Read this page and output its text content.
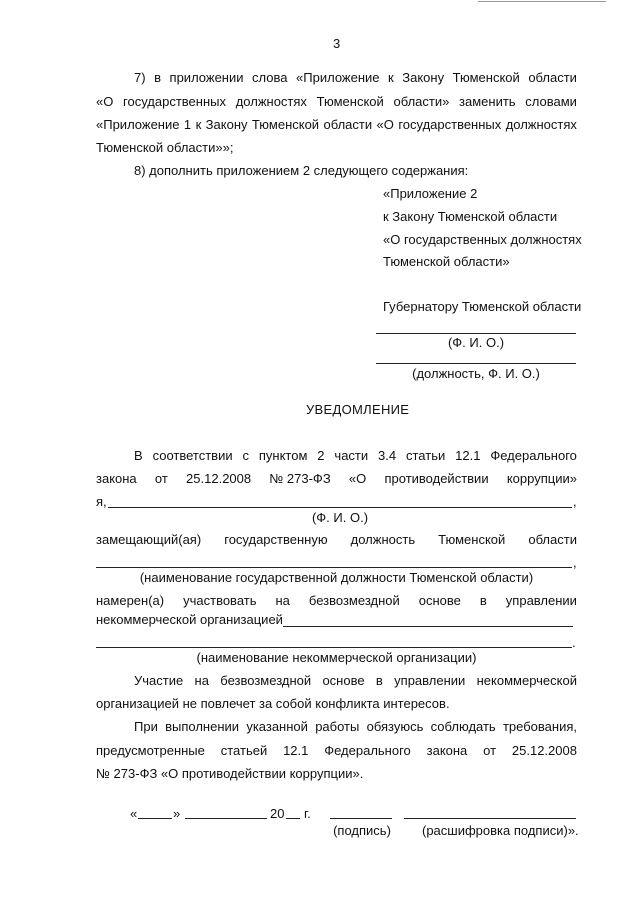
3
7) в приложении слова «Приложение к Закону Тюменской области
«О государственных должностях Тюменской области» заменить словами
«Приложение 1 к Закону Тюменской области «О государственных должностях
Тюменской области»»;
8) дополнить приложением 2 следующего содержания:
«Приложение 2
к Закону Тюменской области
«О государственных должностях
Тюменской области»
Губернатору Тюменской области
(Ф. И. О.)
(должность, Ф. И. О.)
УВЕДОМЛЕНИЕ
В соответствии с пунктом 2 части 3.4 статьи 12.1 Федерального
закона от 25.12.2008 № 273-ФЗ «О противодействии коррупции»
я,	,
(Ф. И. О.)
замещающий(ая) государственную должность Тюменской области
,
(наименование государственной должности Тюменской области)
намерен(а) участвовать на безвозмездной основе в управлении
некоммерческой организацией
.
(наименование некоммерческой организации)
Участие на безвозмездной основе в управлении некоммерческой
организацией не повлечет за собой конфликта интересов.
При выполнении указанной работы обязуюсь соблюдать требования,
предусмотренные статьей 12.1 Федерального закона от 25.12.2008
№ 273-ФЗ «О противодействии коррупции».
«	»	20 г.
(подпись)	(расшифровка подписи)».
